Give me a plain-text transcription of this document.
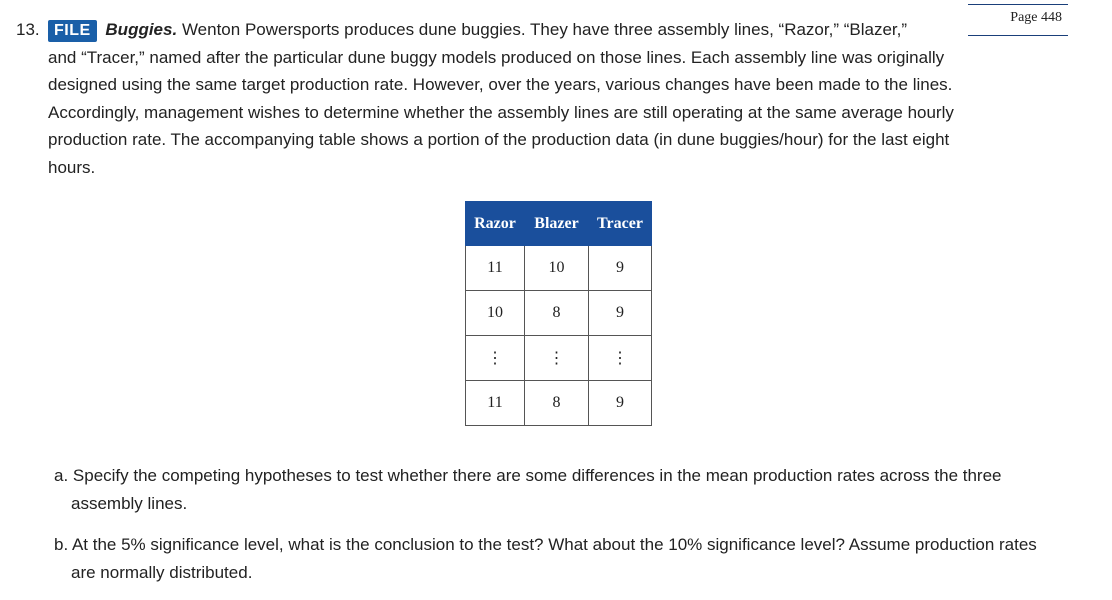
Page 448
13. FILE Buggies. Wenton Powersports produces dune buggies. They have three assembly lines, “Razor,” “Blazer,”
and “Tracer,” named after the particular dune buggy models produced on those lines. Each assembly line was originally
designed using the same target production rate. However, over the years, various changes have been made to the lines.
Accordingly, management wishes to determine whether the assembly lines are still operating at the same average hourly
production rate. The accompanying table shows a portion of the production data (in dune buggies/hour) for the last eight
hours.
Razor	Blazer	Tracer
11	10	9
10	8	9
⋮	⋮	⋮
11	8	9
a. Specify the competing hypotheses to test whether there are some differences in the mean production rates across the three assembly lines.
b. At the 5% significance level, what is the conclusion to the test? What about the 10% significance level? Assume production rates are normally distributed.
